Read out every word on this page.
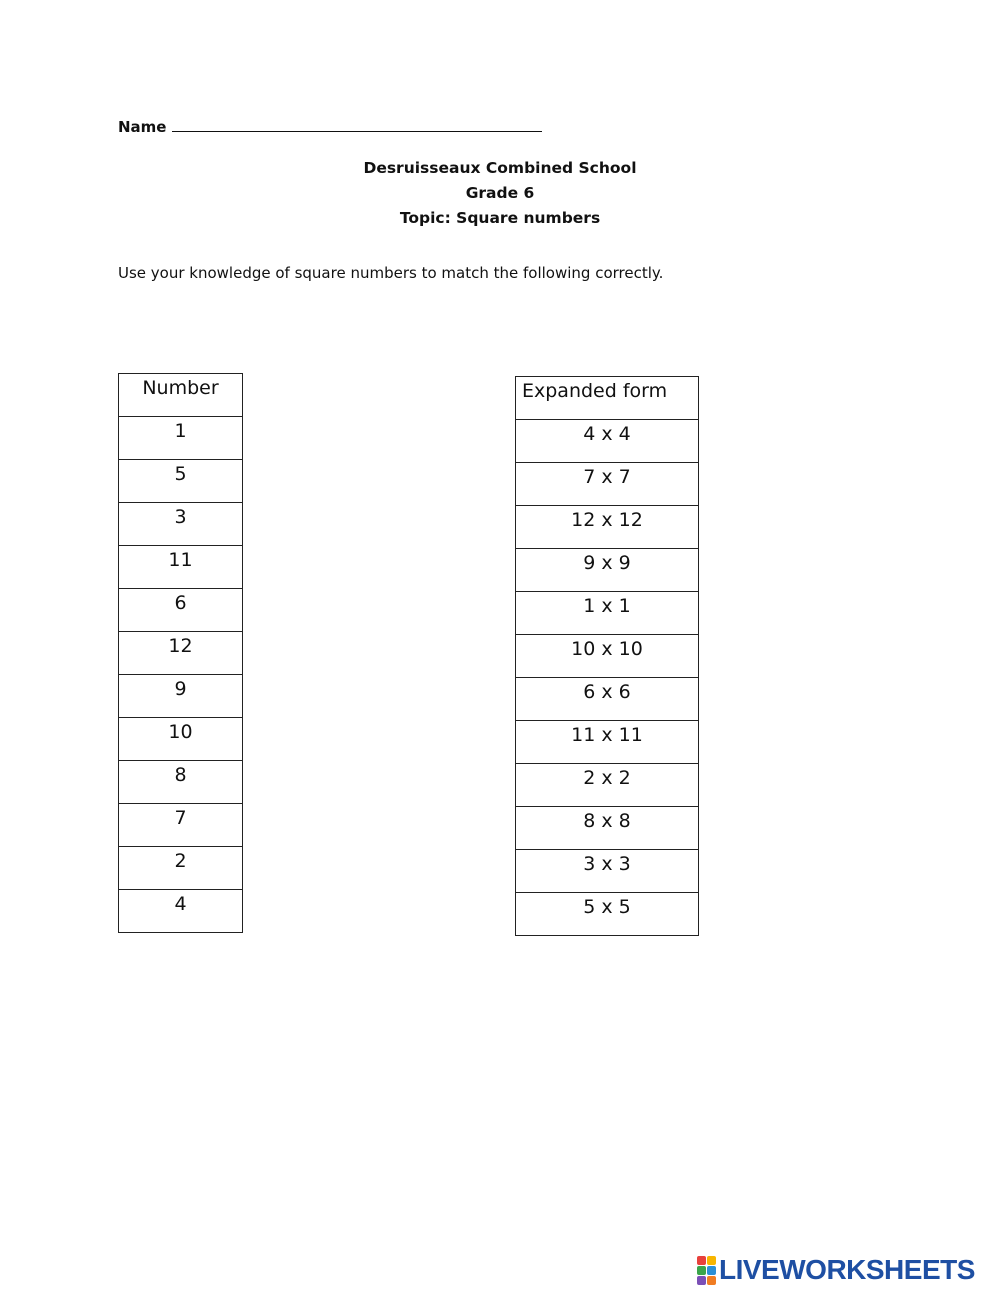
Name
Desruisseaux Combined School
Grade 6
Topic: Square numbers
Use your knowledge of square numbers to match the following correctly.
Number
1
5
3
11
6
12
9
10
8
7
2
4
Expanded form
4 x 4
7 x 7
12 x 12
9 x 9
1 x 1
10 x 10
6 x 6
11 x 11
2 x 2
8 x 8
3 x 3
5 x 5
LIVEWORKSHEETS
